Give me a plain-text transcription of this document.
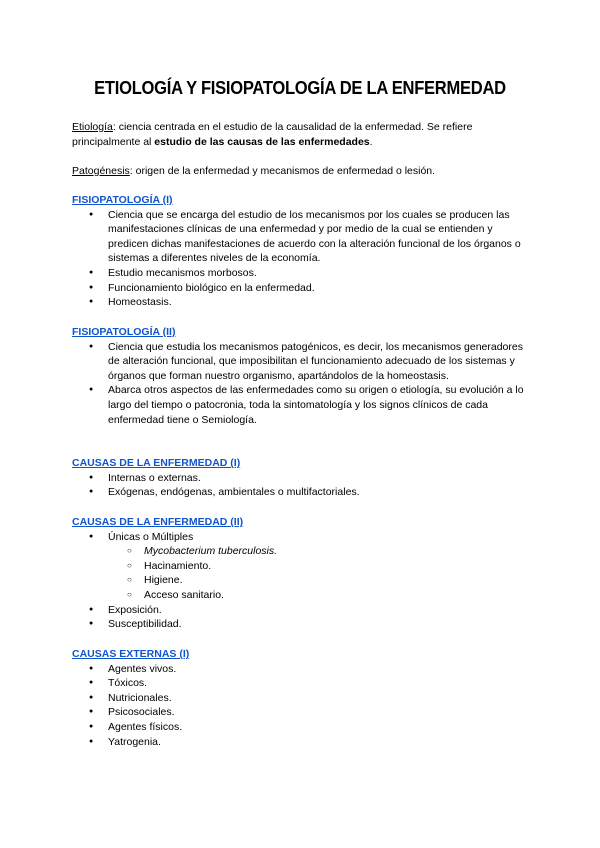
ETIOLOGÍA Y FISIOPATOLOGÍA DE LA ENFERMEDAD

Etiología: ciencia centrada en el estudio de la causalidad de la enfermedad. Se refiere principalmente al estudio de las causas de las enfermedades.

Patogénesis: origen de la enfermedad y mecanismos de enfermedad o lesión.

FISIOPATOLOGÍA (I)

● Ciencia que se encarga del estudio de los mecanismos por los cuales se producen las manifestaciones clínicas de una enfermedad y por medio de la cual se entienden y predicen dichas manifestaciones de acuerdo con la alteración funcional de los órganos o sistemas a diferentes niveles de la economía.
● Estudio mecanismos morbosos.
● Funcionamiento biológico en la enfermedad.
● Homeostasis.

FISIOPATOLOGÍA (II)

● Ciencia que estudia los mecanismos patogénicos, es decir, los mecanismos generadores de alteración funcional, que imposibilitan el funcionamiento adecuado de los sistemas y órganos que forman nuestro organismo, apartándolos de la homeostasis.
● Abarca otros aspectos de las enfermedades como su origen o etiología, su evolución a lo largo del tiempo o patocronia, toda la sintomatología y los signos clínicos de cada enfermedad tiene o Semiología.

CAUSAS DE LA ENFERMEDAD (I)

● Internas o externas.
● Exógenas, endógenas, ambientales o multifactoriales.

CAUSAS DE LA ENFERMEDAD (II)

● Únicas o Múltiples
○ Mycobacterium tuberculosis.
○ Hacinamiento.
○ Higiene.
○ Acceso sanitario.
● Exposición.
● Susceptibilidad.

CAUSAS EXTERNAS (I)

● Agentes vivos.
● Tóxicos.
● Nutricionales.
● Psicosociales.
● Agentes físicos.
● Yatrogenia.
